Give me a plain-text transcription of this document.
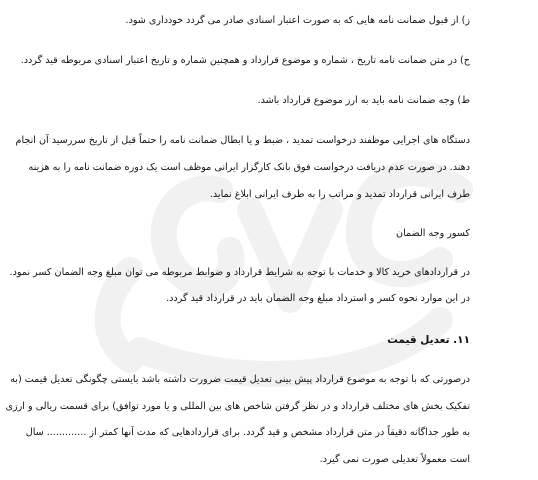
ز) از قبول ضمانت نامه هایی که به صورت اعتبار اسنادی صادر می گردد خودداری شود.
ح) در متن ضمانت نامه تاریخ ، شماره و موضوع قرارداد و همچنین شماره و تاریخ اعتبار اسنادی مربوطه قید گردد.
ط) وجه ضمانت نامه باید به ارز موضوع قرارداد باشد.
دستگاه های اجرایی موظفند درخواست تمدید ، ضبط و یا ابطال ضمانت نامه را حتماً قبل از تاریخ سررسید آن انجام
دهند. در صورت عدم دریافت درخواست فوق بانک کارگزار ایرانی موظف است یک دوره ضمانت نامه را به هزینه
طرف ایرانی قرارداد تمدید و مراتب را به طرف ایرانی ابلاغ نماید.
کسور وجه الضمان
در قراردادهای خرید کالا و خدمات با توجه به شرایط قرارداد و ضوابط مربوطه می توان مبلغ وجه الضمان کسر نمود.
در این موارد نحوه کسر و استرداد مبلغ وجه الضمان باید در قرارداد قید گردد.
۱۱. تعدیل قیمت
درصورتی که با توجه به موضوع قرارداد پیش بینی تعدیل قیمت ضرورت داشته باشد بایستی چگونگی تعدیل قیمت (به
تفکیک بخش های مختلف قرارداد و در نظر گرفتن شاخص های بین المللی و یا مورد توافق) برای قسمت ریالی و ارزی
به طور جداگانه دقیقاً در متن قرارداد مشخص و قید گردد. برای قراردادهایی که مدت آنها کمتر از ............. سال
است معمولاً تعدیلی صورت نمی گیرد.
